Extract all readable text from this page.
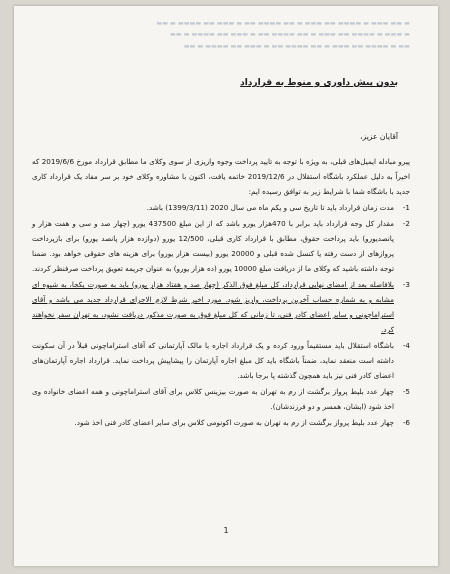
▬ ▬▬ ▬▬▬ ▬ ▬▬▬▬ ▬▬ ▬▬▬ ▬ ▬▬ ▬▬▬▬ ▬▬ ▬ ▬▬▬ ▬▬ ▬▬▬▬ ▬ ▬▬
▬ ▬▬▬ ▬ ▬▬▬▬ ▬▬ ▬▬▬ ▬ ▬▬ ▬▬▬▬ ▬▬ ▬ ▬▬▬ ▬▬ ▬▬▬▬ ▬ ▬▬
▬▬ ▬ ▬▬▬▬ ▬▬ ▬▬▬ ▬ ▬▬ ▬▬▬▬ ▬▬ ▬ ▬▬▬ ▬▬ ▬▬▬▬ ▬ ▬▬
بدون پیش داوری و منوط به قرارداد
آقایان عزیز،

پیرو مبادله ایمیل‌های قبلی، به ویژه با توجه به تایید پرداخت وجوه واریزی از سوی وکلای ما مطابق قرارداد مورخ 2019/6/6 که اخیراً به دلیل عملکرد باشگاه استقلال در 2019/12/6 خاتمه یافت، اکنون با مشاوره وکلای خود بر سر مفاد یک قرارداد کاری جدید با باشگاه شما با شرایط زیر به توافق رسیده ایم:

1-
مدت زمان قرارداد باید تا تاریخ سی و یکم ماه می سال 2020 (1399/3/11) باشد.
2-
مقدار کل وجه قرارداد باید برابر با 470هزار یورو باشد که از این مبلغ 437500 یورو (چهار صد و سی و هفت هزار و پانصدیورو) باید پرداخت حقوق، مطابق با قرارداد کاری قبلی، 12/500 یورو (دوازده هزار پانصد یورو) برای بازپرداخت پروازهای از دست رفته یا کنسل شده قبلی و 20000 یورو (بیست هزار یورو) برای هزینه های حقوقی خواهد بود. ضمنا توجه داشته باشید که وکلای ما از دریافت مبلغ 10000 یورو (ده هزار یورو) به عنوان جریمه تعویق پرداخت صرفنظر کردند.
3-
بلافاصله بعد از امضای نهایی قرارداد، کل مبلغ فوق الذکر (چهار صد و هفتاد هزار یورو) باید به صورت یکجا، به شیوه ای مشابه و به شماره حساب آخرین پرداخت، واریز شود. مورد اخیر شرط لازم الاجرای قرارداد جدید می باشد و آقای استراماچونی و سایر اعضای کادر فنی، تا زمانی که کل مبلغ فوق به صورت مذکور دریافت نشود، به تهران سفر نخواهند کرد.
4-
باشگاه استقلال باید مستقیماً ورود کرده و یک قرارداد اجاره با مالک آپارتمانی که آقای استراماچونی قبلاً در آن سکونت داشته است منعقد نماید، ضمناً باشگاه باید کل مبلغ اجاره آپارتمان را پیشاپیش پرداخت نماید. قرارداد اجاره آپارتمان‌های اعضای کادر فنی نیز باید همچون گذشته پا برجا باشد.
5-
چهار عدد بلیط پرواز برگشت از رم به تهران به صورت بیزینس کلاس برای آقای استراماچونی و همه اعضای خانواده وی اخذ شود (ایشان، همسر و دو فرزندشان).
6-
چهار عدد بلیط پرواز برگشت از رم به تهران به صورت اکونومی کلاس برای سایر اعضای کادر فنی اخذ شود.
1
